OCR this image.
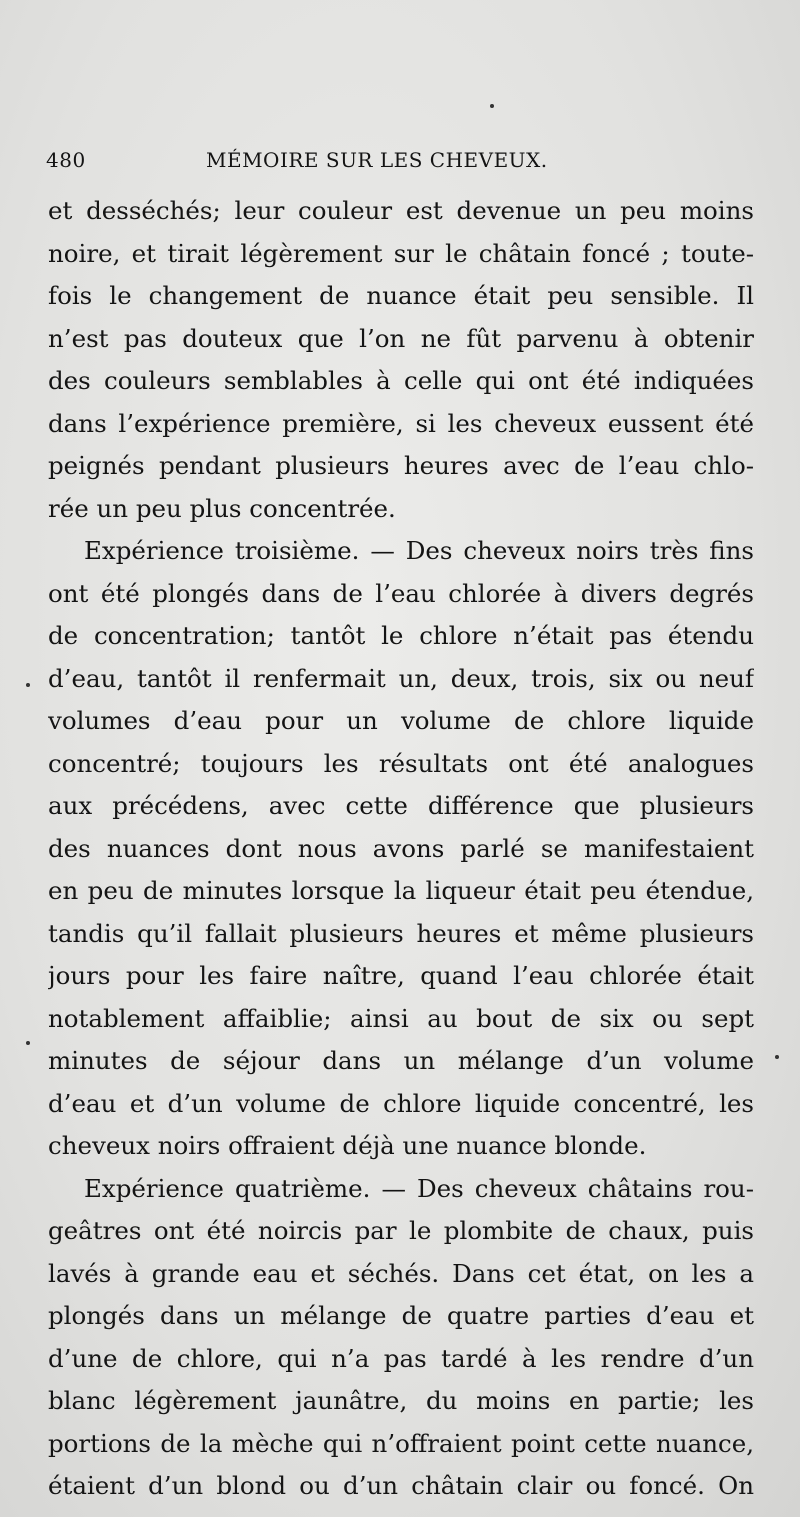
480	MÉMOIRE SUR LES CHEVEUX.
et desséchés; leur couleur est devenue un peu moins
noire, et tirait légèrement sur le châtain foncé ; toute-
fois le changement de nuance était peu sensible. Il
n’est pas douteux que l’on ne fût parvenu à obtenir
des couleurs semblables à celle qui ont été indiquées
dans l’expérience première, si les cheveux eussent été
peignés pendant plusieurs heures avec de l’eau chlo-
rée un peu plus concentrée.
Expérience troisième. — Des cheveux noirs très fins
ont été plongés dans de l’eau chlorée à divers degrés
de concentration; tantôt le chlore n’était pas étendu
d’eau, tantôt il renfermait un, deux, trois, six ou neuf
volumes d’eau pour un volume de chlore liquide
concentré; toujours les résultats ont été analogues
aux précédens, avec cette différence que plusieurs
des nuances dont nous avons parlé se manifestaient
en peu de minutes lorsque la liqueur était peu étendue,
tandis qu’il fallait plusieurs heures et même plusieurs
jours pour les faire naître, quand l’eau chlorée était
notablement affaiblie; ainsi au bout de six ou sept
minutes de séjour dans un mélange d’un volume
d’eau et d’un volume de chlore liquide concentré, les
cheveux noirs offraient déjà une nuance blonde.
Expérience quatrième. — Des cheveux châtains rou-
geâtres ont été noircis par le plombite de chaux, puis
lavés à grande eau et séchés. Dans cet état, on les a
plongés dans un mélange de quatre parties d’eau et
d’une de chlore, qui n’a pas tardé à les rendre d’un
blanc légèrement jaunâtre, du moins en partie; les
portions de la mèche qui n’offraient point cette nuance,
étaient d’un blond ou d’un châtain clair ou foncé. On
